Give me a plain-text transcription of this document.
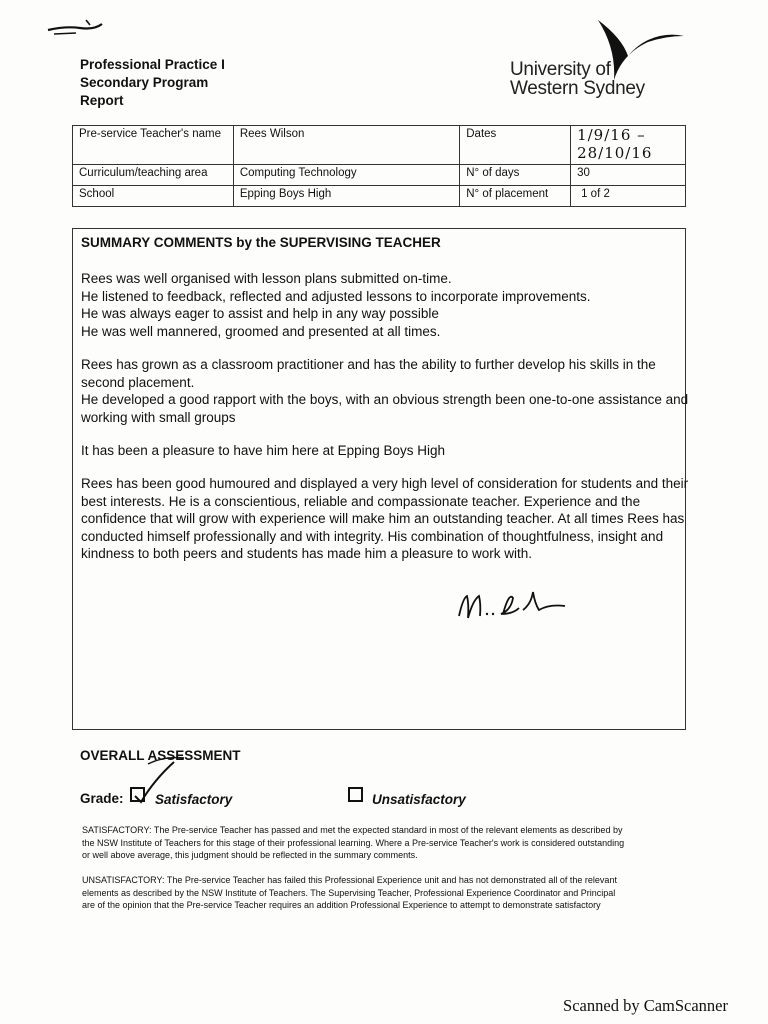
Professional Practice I
Secondary Program
Report
University of
Western Sydney
Pre-service Teacher's name	Rees Wilson	Dates	1/9/16 – 28/10/16
Curriculum/teaching area	Computing Technology	N° of days	30
School	Epping Boys High	N° of placement	1 of 2
SUMMARY COMMENTS by the SUPERVISING TEACHER
Rees was well organised with lesson plans submitted on-time.
He listened to feedback, reflected and adjusted lessons to incorporate improvements.
He was always eager to assist and help in any way possible
He was well mannered, groomed and presented at all times.
Rees has grown as a classroom practitioner and has the ability to further develop his skills in the
second placement.
He developed a good rapport with the boys, with an obvious strength been one-to-one assistance and
working with small groups
It has been a pleasure to have him here at Epping Boys High
Rees has been good humoured and displayed a very high level of consideration for students and their
best interests. He is a conscientious, reliable and compassionate teacher. Experience and the
confidence that will grow with experience will make him an outstanding teacher. At all times Rees has
conducted himself professionally and with integrity. His combination of thoughtfulness, insight and
kindness to both peers and students has made him a pleasure to work with.
OVERALL ASSESSMENT
Grade: Satisfactory	Unsatisfactory
SATISFACTORY: The Pre-service Teacher has passed and met the expected standard in most of the relevant elements as described by
the NSW Institute of Teachers for this stage of their professional learning. Where a Pre-service Teacher's work is considered outstanding
or well above average, this judgment should be reflected in the summary comments.
UNSATISFACTORY: The Pre-service Teacher has failed this Professional Experience unit and has not demonstrated all of the relevant
elements as described by the NSW Institute of Teachers. The Supervising Teacher, Professional Experience Coordinator and Principal
are of the opinion that the Pre-service Teacher requires an addition Professional Experience to attempt to demonstrate satisfactory
Scanned by CamScanner
